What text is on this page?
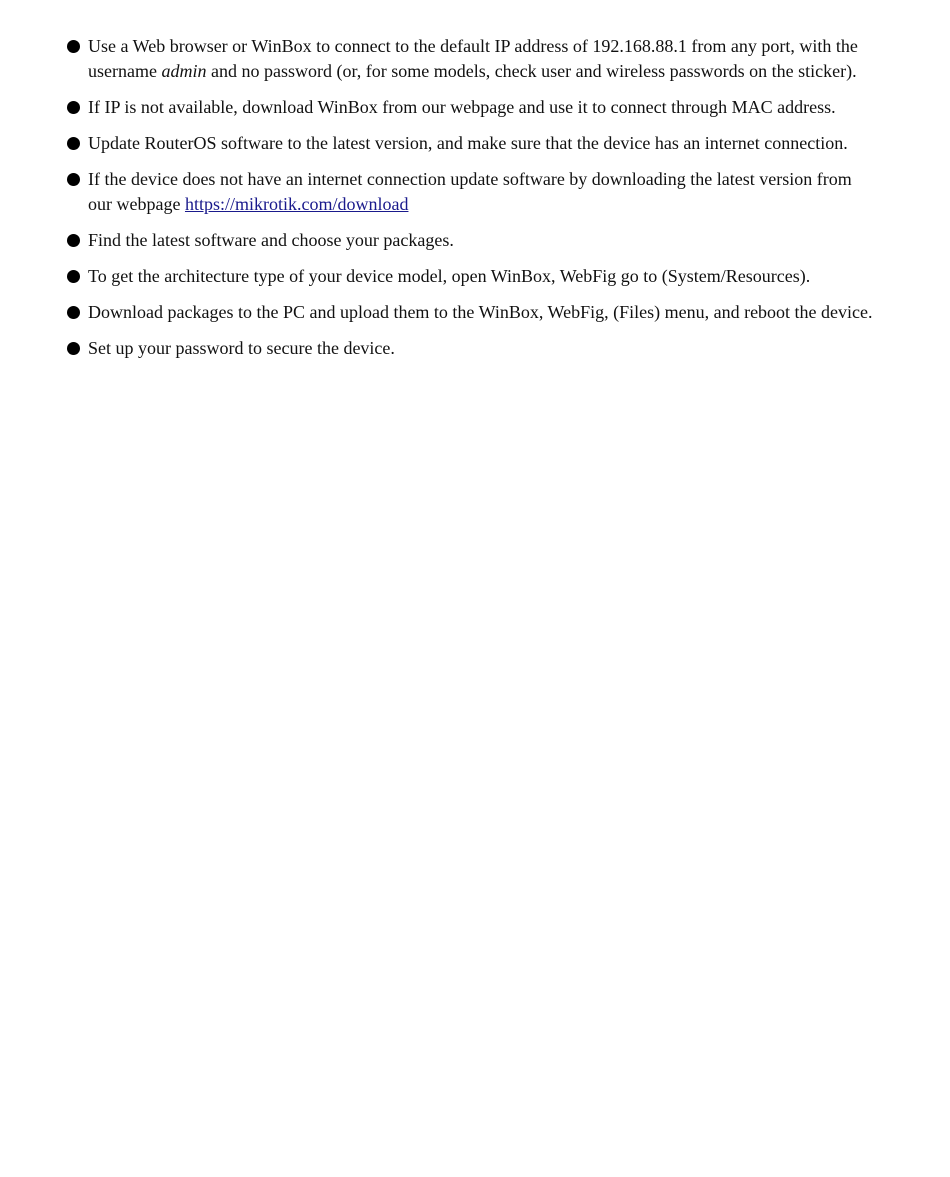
Use a Web browser or WinBox to connect to the default IP address of 192.168.88.1 from any port, with the username admin and no password (or, for some models, check user and wireless passwords on the sticker).
If IP is not available, download WinBox from our webpage and use it to connect through MAC address.
Update RouterOS software to the latest version, and make sure that the device has an internet connection.
If the device does not have an internet connection update software by downloading the latest version from our webpage https://mikrotik.com/download
Find the latest software and choose your packages.
To get the architecture type of your device model, open WinBox, WebFig go to (System/Resources).
Download packages to the PC and upload them to the WinBox, WebFig, (Files) menu, and reboot the device.
Set up your password to secure the device.
